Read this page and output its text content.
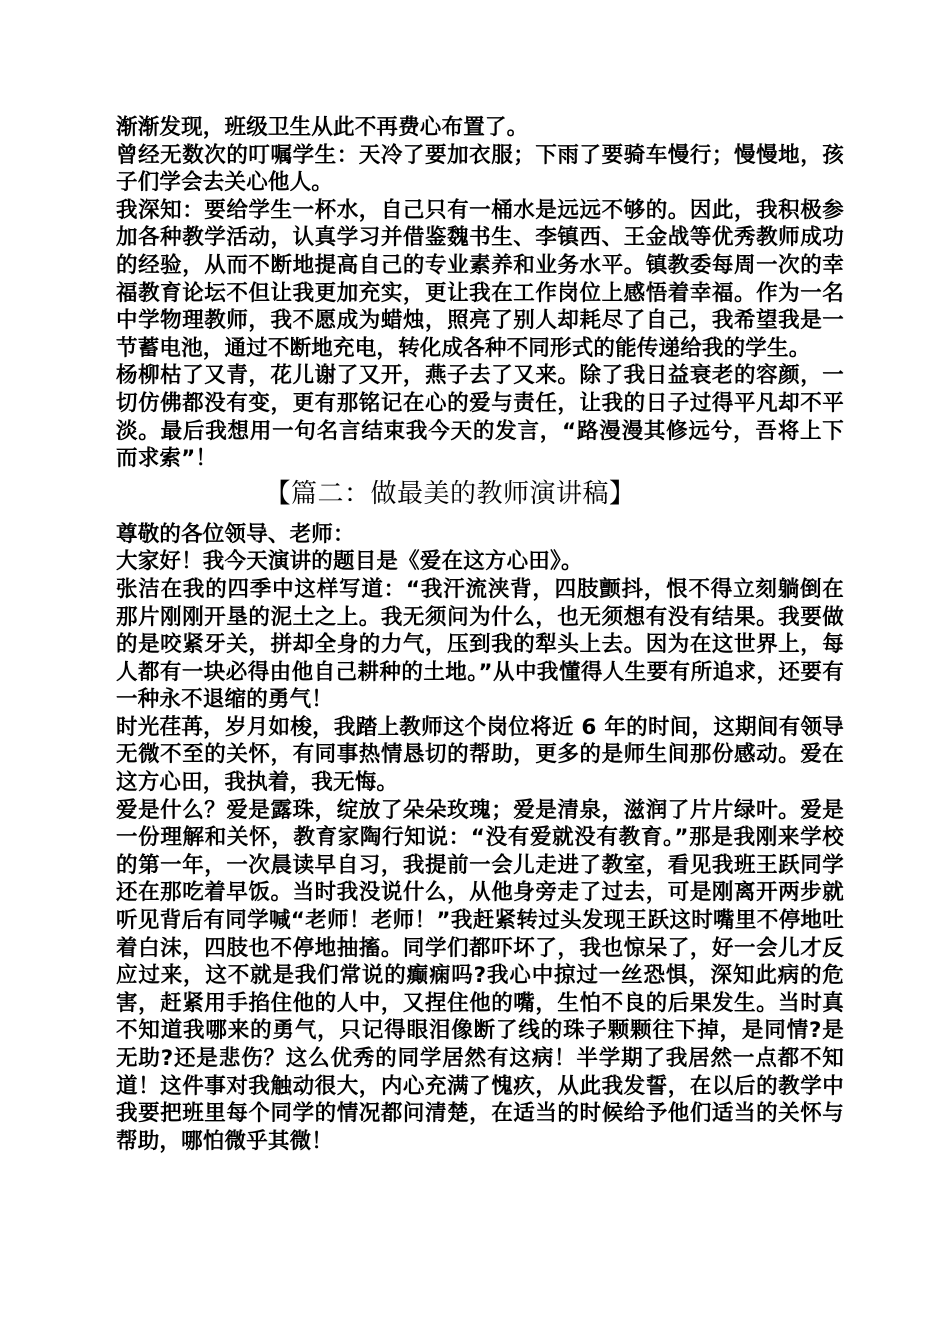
渐渐发现，班级卫生从此不再费心布置了。

曾经无数次的叮嘱学生：天冷了要加衣服；下雨了要骑车慢行；慢慢地，孩子们学会去关心他人。

我深知：要给学生一杯水，自己只有一桶水是远远不够的。因此，我积极参加各种教学活动，认真学习并借鉴魏书生、李镇西、王金战等优秀教师成功的经验，从而不断地提高自己的专业素养和业务水平。镇教委每周一次的幸福教育论坛不但让我更加充实，更让我在工作岗位上感悟着幸福。作为一名中学物理教师，我不愿成为蜡烛，照亮了别人却耗尽了自己，我希望我是一节蓄电池，通过不断地充电，转化成各种不同形式的能传递给我的学生。

杨柳枯了又青，花儿谢了又开，燕子去了又来。除了我日益衰老的容颜，一切仿佛都没有变，更有那铭记在心的爱与责任，让我的日子过得平凡却不平淡。最后我想用一句名言结束我今天的发言，“路漫漫其修远兮，吾将上下而求索”！

【篇二：做最美的教师演讲稿】

尊敬的各位领导、老师：

大家好！我今天演讲的题目是《爱在这方心田》。

张洁在我的四季中这样写道：“我汗流浃背，四肢颤抖，恨不得立刻躺倒在那片刚刚开垦的泥土之上。我无须问为什么，也无须想有没有结果。我要做的是咬紧牙关，拼却全身的力气，压到我的犁头上去。因为在这世界上，每人都有一块必得由他自己耕种的土地。”从中我懂得人生要有所追求，还要有一种永不退缩的勇气！

时光荏苒，岁月如梭，我踏上教师这个岗位将近 6 年的时间，这期间有领导无微不至的关怀，有同事热情恳切的帮助，更多的是师生间那份感动。爱在这方心田，我执着，我无悔。

爱是什么？爱是露珠，绽放了朵朵玫瑰；爱是清泉，滋润了片片绿叶。爱是一份理解和关怀，教育家陶行知说：“没有爱就没有教育。”那是我刚来学校的第一年，一次晨读早自习，我提前一会儿走进了教室，看见我班王跃同学还在那吃着早饭。当时我没说什么，从他身旁走了过去，可是刚离开两步就听见背后有同学喊“老师！老师！”我赶紧转过头发现王跃这时嘴里不停地吐着白沫，四肢也不停地抽搐。同学们都吓坏了，我也惊呆了，好一会儿才反应过来，这不就是我们常说的癫痫吗?我心中掠过一丝恐惧，深知此病的危害，赶紧用手掐住他的人中，又捏住他的嘴，生怕不良的后果发生。当时真不知道我哪来的勇气，只记得眼泪像断了线的珠子颗颗往下掉，是同情?是无助?还是悲伤？这么优秀的同学居然有这病！半学期了我居然一点都不知道！这件事对我触动很大，内心充满了愧疚，从此我发誓，在以后的教学中我要把班里每个同学的情况都问清楚，在适当的时候给予他们适当的关怀与帮助，哪怕微乎其微！
